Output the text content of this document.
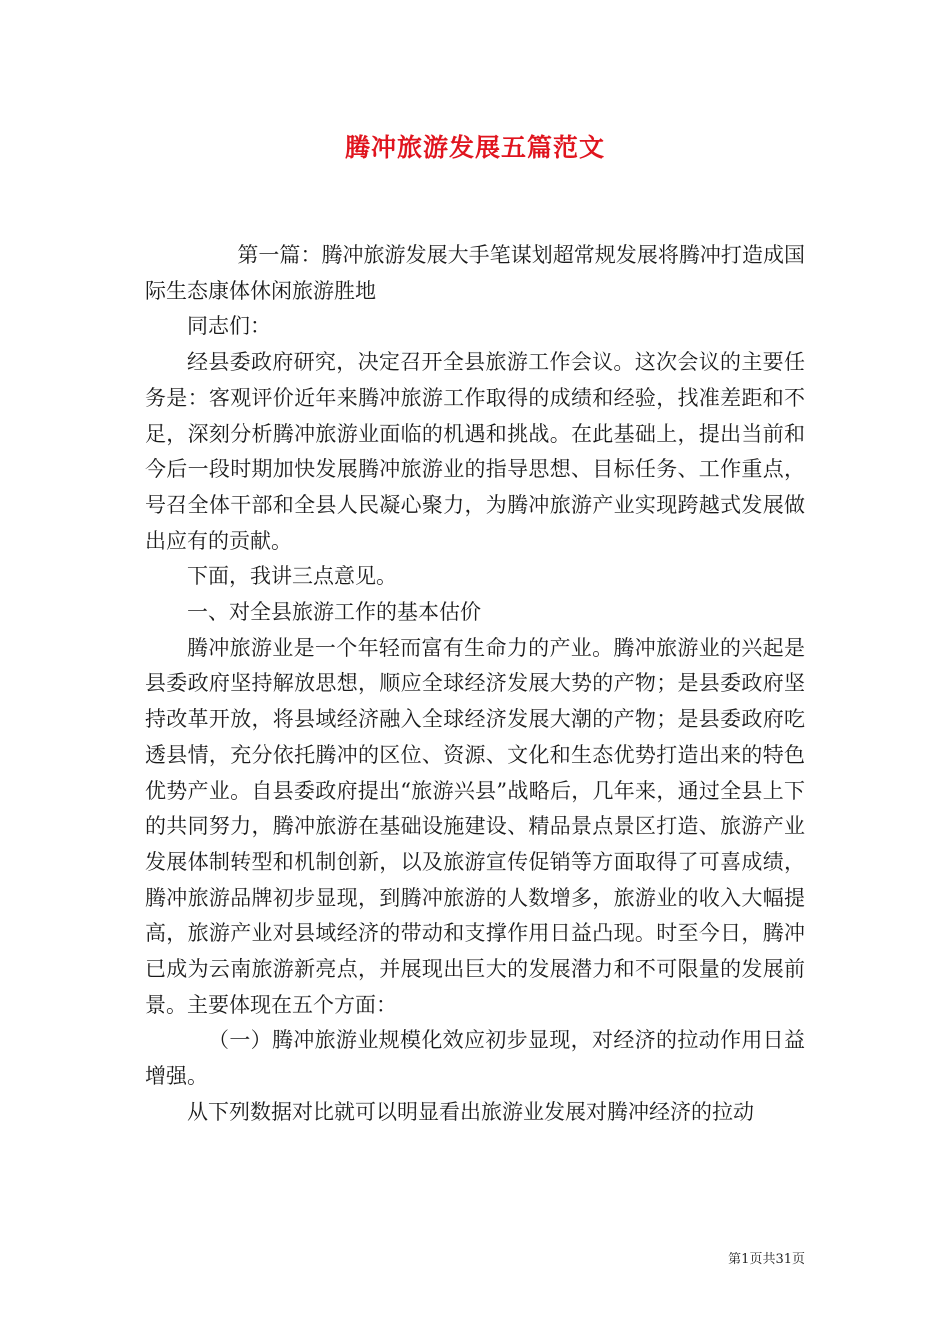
腾冲旅游发展五篇范文

第一篇：腾冲旅游发展大手笔谋划超常规发展将腾冲打造成国际生态康体休闲旅游胜地

同志们：

经县委政府研究，决定召开全县旅游工作会议。这次会议的主要任务是：客观评价近年来腾冲旅游工作取得的成绩和经验，找准差距和不足，深刻分析腾冲旅游业面临的机遇和挑战。在此基础上，提出当前和今后一段时期加快发展腾冲旅游业的指导思想、目标任务、工作重点，号召全体干部和全县人民凝心聚力，为腾冲旅游产业实现跨越式发展做出应有的贡献。

下面，我讲三点意见。

一、对全县旅游工作的基本估价

腾冲旅游业是一个年轻而富有生命力的产业。腾冲旅游业的兴起是县委政府坚持解放思想，顺应全球经济发展大势的产物；是县委政府坚持改革开放，将县域经济融入全球经济发展大潮的产物；是县委政府吃透县情，充分依托腾冲的区位、资源、文化和生态优势打造出来的特色优势产业。自县委政府提出“旅游兴县”战略后，几年来，通过全县上下的共同努力，腾冲旅游在基础设施建设、精品景点景区打造、旅游产业发展体制转型和机制创新，以及旅游宣传促销等方面取得了可喜成绩，腾冲旅游品牌初步显现，到腾冲旅游的人数增多，旅游业的收入大幅提高，旅游产业对县域经济的带动和支撑作用日益凸现。时至今日，腾冲已成为云南旅游新亮点，并展现出巨大的发展潜力和不可限量的发展前景。主要体现在五个方面：

（一）腾冲旅游业规模化效应初步显现，对经济的拉动作用日益增强。

从下列数据对比就可以明显看出旅游业发展对腾冲经济的拉动

第1页共31页
